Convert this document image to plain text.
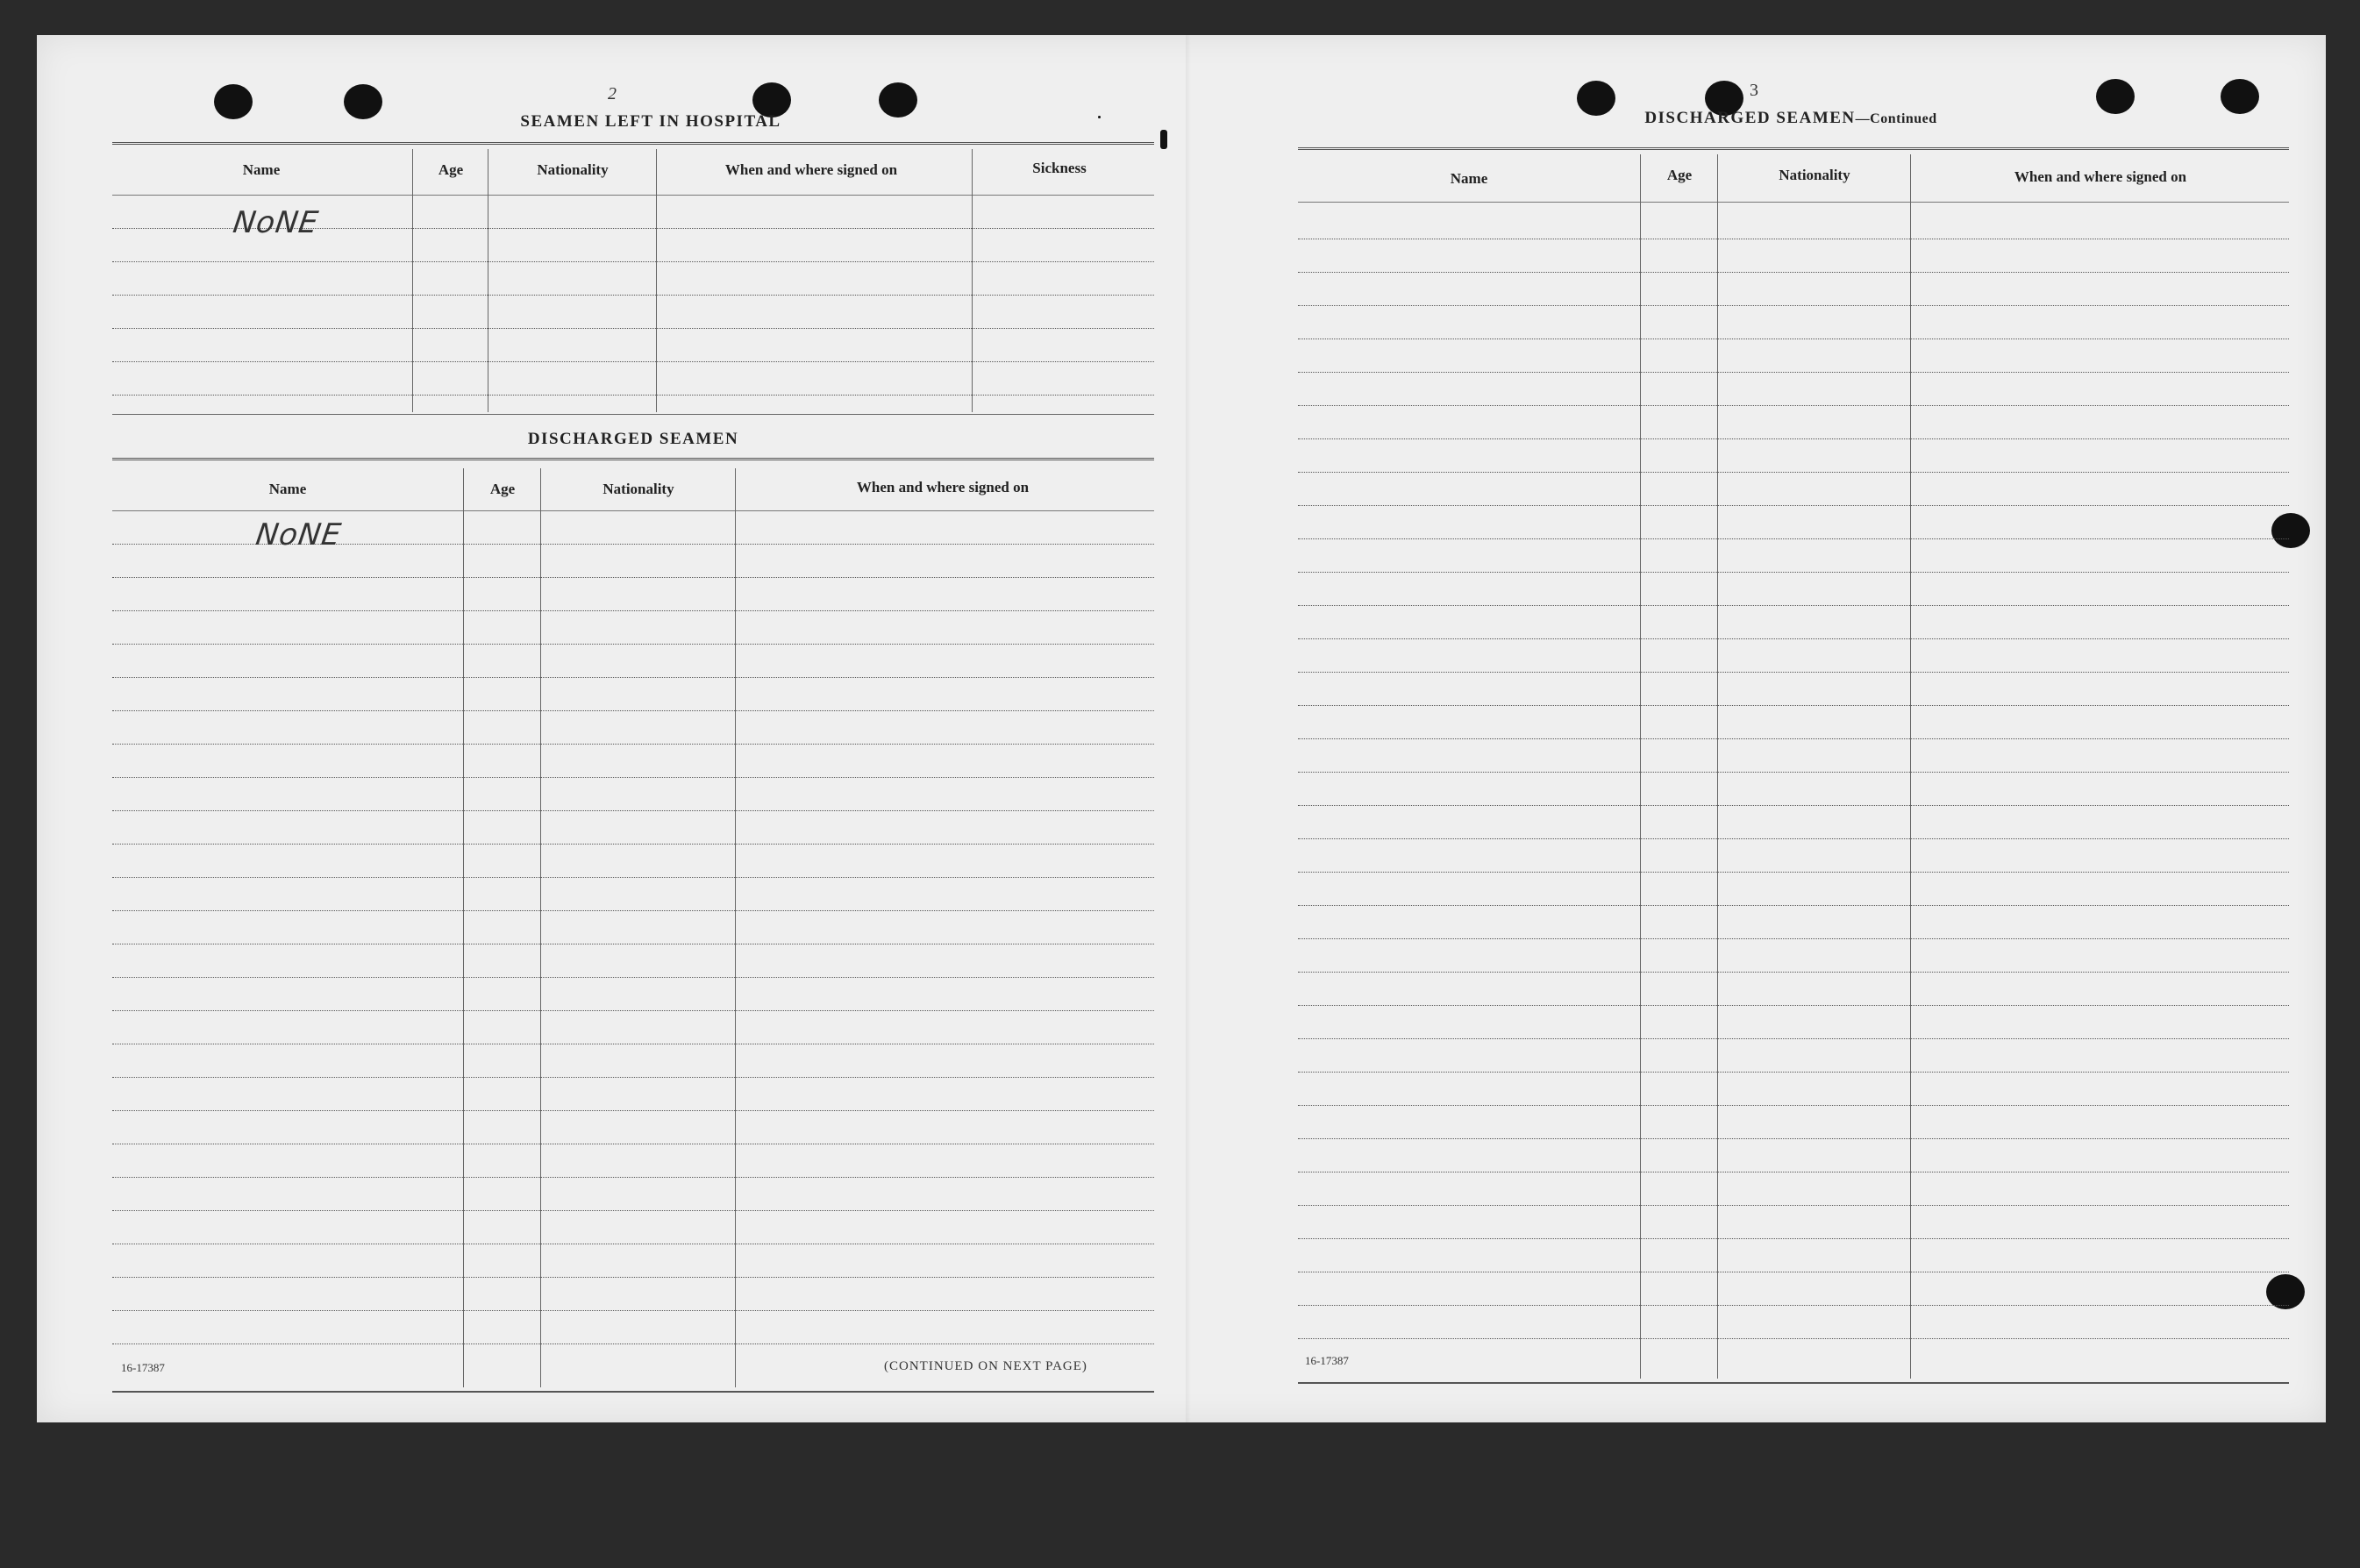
2
SEAMEN LEFT IN HOSPITAL
Name	Age	Nationality	When and where signed on	Sickness
NoNE
DISCHARGED SEAMEN
Name	Age	Nationality	When and where signed on
NoNE
16-17387	(CONTINUED ON NEXT PAGE)
3
DISCHARGED SEAMEN—Continued
Name	Age	Nationality	When and where signed on
16-17387
